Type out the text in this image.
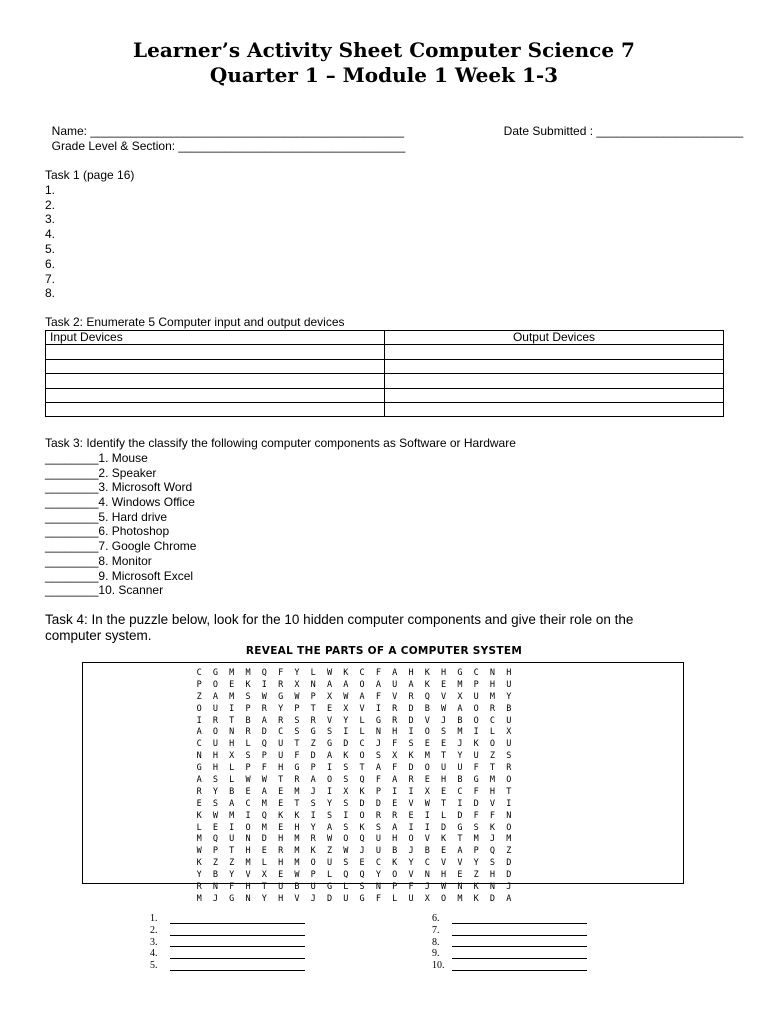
Learner’s Activity Sheet Computer Science 7
Quarter 1 – Module 1 Week 1-3

Name: _______________________________________________	Date Submitted : ______________________

Grade Level & Section: __________________________________

Task 1 (page 16)
1.
2.
3.
4.
5.
6.
7.
8.
Task 2: Enumerate 5 Computer input and output devices
Input Devices	Output Devices

Task 3: Identify the classify the following computer components as Software or Hardware
________1. Mouse
________2. Speaker
________3. Microsoft Word
________4. Windows Office
________5. Hard drive
________6. Photoshop
________7. Google Chrome
________8. Monitor
________9. Microsoft Excel
________10. Scanner
Task 4: In the puzzle below, look for the 10 hidden computer components and give their role on the computer system.
REVEAL THE PARTS OF A COMPUTER SYSTEM
C	G	M	M	Q	F	Y	L	W	K	C	F	A	H	K	H	G	C	N	H
P	O	E	K	I	R	X	N	A	A	O	A	U	A	K	E	M	P	H	U
Z	A	M	S	W	G	W	P	X	W	A	F	V	R	Q	V	X	U	M	Y
O	U	I	P	R	Y	P	T	E	X	V	I	R	D	B	W	A	O	R	B
I	R	T	B	A	R	S	R	V	Y	L	G	R	D	V	J	B	O	C	U
A	O	N	R	D	C	S	G	S	I	L	N	H	I	O	S	M	I	L	X
C	U	H	L	Q	U	T	Z	G	D	C	J	F	S	E	E	J	K	O	U
N	H	X	S	P	U	F	D	A	K	O	S	X	K	M	T	Y	U	Z	S
G	H	L	P	F	H	G	P	I	S	T	A	F	D	O	U	U	F	T	R
A	S	L	W	W	T	R	A	O	S	Q	F	A	R	E	H	B	G	M	O
R	Y	B	E	A	E	M	J	I	X	K	P	I	I	X	E	C	F	H	T
E	S	A	C	M	E	T	S	Y	S	D	D	E	V	W	T	I	D	V	I
K	W	M	I	Q	K	K	I	S	I	O	R	R	E	I	L	D	F	F	N
L	E	I	O	M	E	H	Y	A	S	K	S	A	I	I	D	G	S	K	O
M	Q	U	N	D	H	M	R	W	O	Q	U	H	O	V	K	T	M	J	M
W	P	T	H	E	R	M	K	Z	W	J	U	B	J	B	E	A	P	Q	Z
K	Z	Z	M	L	H	M	O	U	S	E	C	K	Y	C	V	V	Y	S	D
Y	B	Y	V	X	E	W	P	L	Q	Q	Y	O	V	N	H	E	Z	H	D
R	N	F	H	T	U	B	U	G	L	S	N	P	F	J	W	N	K	N	J
M	J	G	N	Y	H	V	J	D	U	G	F	L	U	X	O	M	K	D	A
1.
2.
3.
4.
5.
6.
7.
8.
9.
10.
